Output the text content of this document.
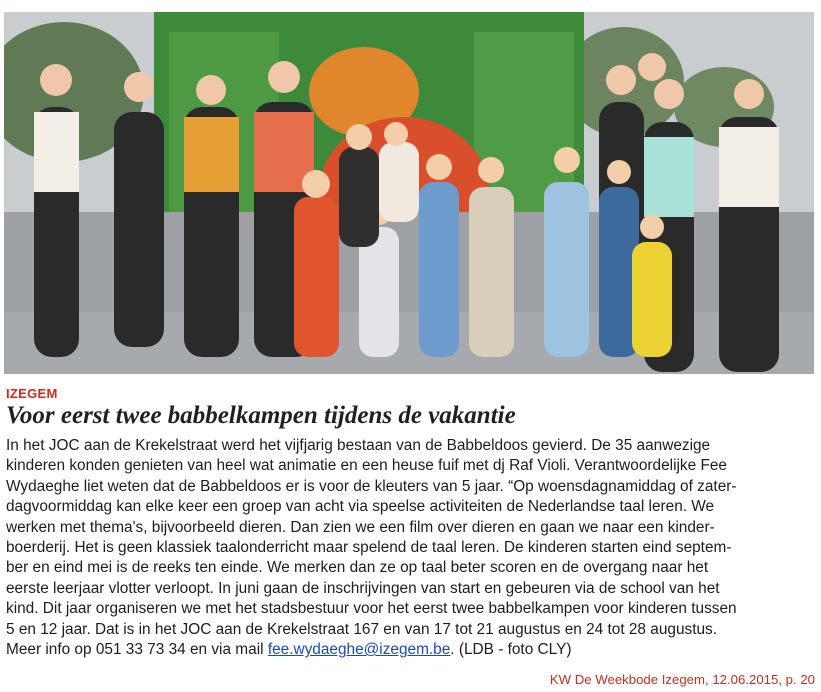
IZEGEM
Voor eerst twee babbelkampen tijdens de vakantie
In het JOC aan de Krekelstraat werd het vijfjarig bestaan van de Babbeldoos gevierd. De 35 aanwezige
kinderen konden genieten van heel wat animatie en een heuse fuif met dj Raf Violi. Verantwoordelijke Fee
Wydaeghe liet weten dat de Babbeldoos er is voor de kleuters van 5 jaar. “Op woensdagnamiddag of zater-
dagvoormiddag kan elke keer een groep van acht via speelse activiteiten de Nederlandse taal leren. We
werken met thema's, bijvoorbeeld dieren. Dan zien we een film over dieren en gaan we naar een kinder-
boerderij. Het is geen klassiek taalonderricht maar spelend de taal leren. De kinderen starten eind septem-
ber en eind mei is de reeks ten einde. We merken dan ze op taal beter scoren en de overgang naar het
eerste leerjaar vlotter verloopt. In juni gaan de inschrijvingen van start en gebeuren via de school van het
kind. Dit jaar organiseren we met het stadsbestuur voor het eerst twee babbelkampen voor kinderen tussen
5 en 12 jaar. Dat is in het JOC aan de Krekelstraat 167 en van 17 tot 21 augustus en 24 tot 28 augustus.
Meer info op 051 33 73 34 en via mail fee.wydaeghe@izegem.be. (LDB - foto CLY)
KW De Weekbode Izegem, 12.06.2015, p. 20
